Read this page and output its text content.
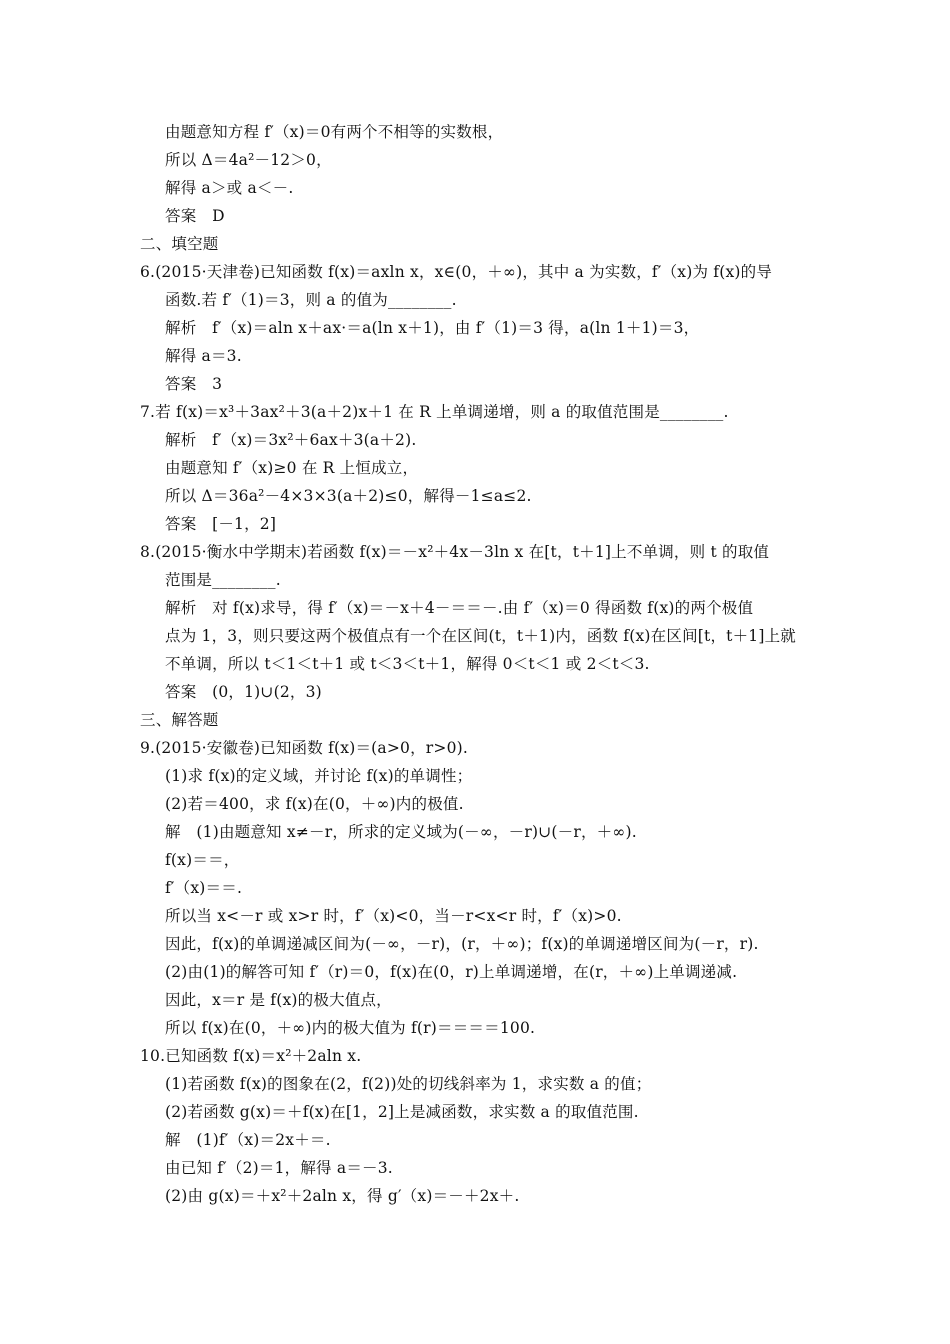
由题意知方程 f′（x)＝0有两个不相等的实数根，
所以 Δ＝4a²－12＞0，
解得 a＞或 a＜－.
答案　D
二、填空题
6.(2015·天津卷)已知函数 f(x)＝axln x，x∈(0，＋∞)，其中 a 为实数，f′（x)为 f(x)的导
函数.若 f′（1)＝3，则 a 的值为________.
解析　f′（x)＝aln x＋ax·＝a(ln x＋1)，由 f′（1)＝3 得，a(ln 1＋1)＝3，
解得 a＝3.
答案　3
7.若 f(x)＝x³＋3ax²＋3(a＋2)x＋1 在 R 上单调递增，则 a 的取值范围是________.
解析　f′（x)＝3x²＋6ax＋3(a＋2).
由题意知 f′（x)≥0 在 R 上恒成立，
所以 Δ＝36a²－4×3×3(a＋2)≤0，解得－1≤a≤2.
答案　[－1，2]
8.(2015·衡水中学期末)若函数 f(x)＝－x²＋4x－3ln x 在[t，t＋1]上不单调，则 t 的取值
范围是________.
解析　对 f(x)求导，得 f′（x)＝－x＋4－＝＝－.由 f′（x)＝0 得函数 f(x)的两个极值
点为 1，3，则只要这两个极值点有一个在区间(t，t＋1)内，函数 f(x)在区间[t，t＋1]上就
不单调，所以 t＜1＜t＋1 或 t＜3＜t＋1，解得 0＜t＜1 或 2＜t＜3.
答案　(0，1)∪(2，3)
三、解答题
9.(2015·安徽卷)已知函数 f(x)＝(a>0，r>0).
(1)求 f(x)的定义域，并讨论 f(x)的单调性；
(2)若＝400，求 f(x)在(0，＋∞)内的极值.
解　(1)由题意知 x≠－r，所求的定义域为(－∞，－r)∪(－r，＋∞).
f(x)＝＝，
f′（x)＝＝.
所以当 x<－r 或 x>r 时，f′（x)<0，当－r<x<r 时，f′（x)>0.
因此，f(x)的单调递减区间为(－∞，－r)，(r，＋∞)；f(x)的单调递增区间为(－r，r).
(2)由(1)的解答可知 f′（r)＝0，f(x)在(0，r)上单调递增，在(r，＋∞)上单调递减.
因此，x＝r 是 f(x)的极大值点，
所以 f(x)在(0，＋∞)内的极大值为 f(r)＝＝＝＝100.
10.已知函数 f(x)＝x²＋2aln x.
(1)若函数 f(x)的图象在(2，f(2))处的切线斜率为 1，求实数 a 的值；
(2)若函数 g(x)＝＋f(x)在[1，2]上是减函数，求实数 a 的取值范围.
解　(1)f′（x)＝2x＋＝.
由已知 f′（2)＝1，解得 a＝－3.
(2)由 g(x)＝＋x²＋2aln x，得 g′（x)＝－＋2x＋.
